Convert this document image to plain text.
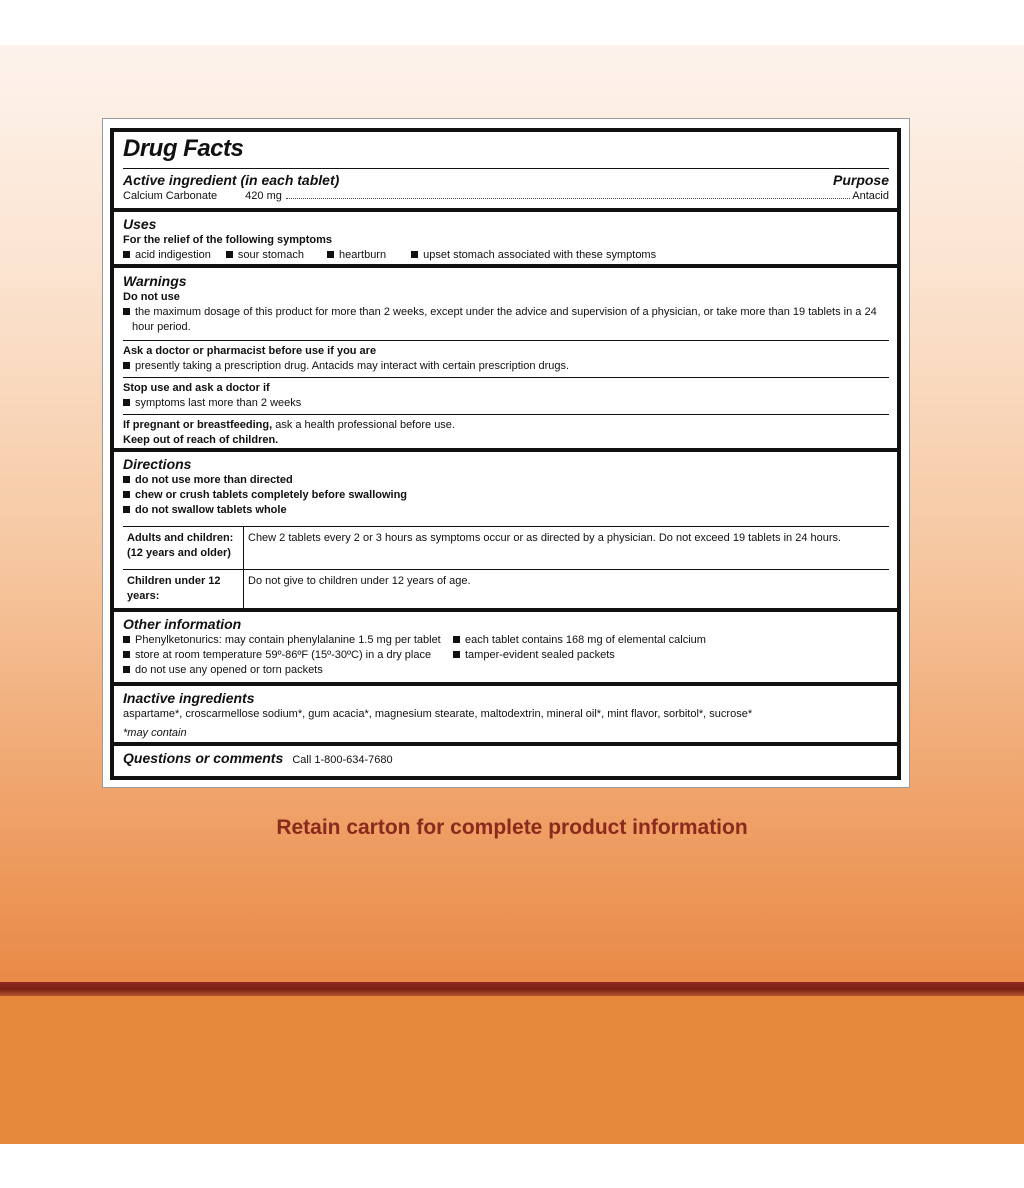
Drug Facts
Active ingredient (in each tablet)	Purpose
Calcium Carbonate	420 mg	Antacid
Uses
For the relief of the following symptoms
acid indigestion sour stomach	heartburn	upset stomach associated with these symptoms
Warnings
Do not use
the maximum dosage of this product for more than 2 weeks, except under the advice and supervision of a physician, or take more than 19 tablets in a 24 hour period.
Ask a doctor or pharmacist before use if you are
presently taking a prescription drug. Antacids may interact with certain prescription drugs.
Stop use and ask a doctor if
symptoms last more than 2 weeks
If pregnant or breastfeeding, ask a health professional before use.
Keep out of reach of children.
Directions
do not use more than directed
chew or crush tablets completely before swallowing
do not swallow tablets whole
Adults and children: (12 years and older)	Chew 2 tablets every 2 or 3 hours as symptoms occur or as directed by a physician. Do not exceed 19 tablets in 24 hours.
Children under 12 years:	Do not give to children under 12 years of age.
Other information
Phenylketonurics: may contain phenylalanine 1.5 mg per tablet
store at room temperature 59º-86ºF (15º-30ºC) in a dry place
do not use any opened or torn packets
each tablet contains 168 mg of elemental calcium
tamper-evident sealed packets
Inactive ingredients
aspartame*, croscarmellose sodium*, gum acacia*, magnesium stearate, maltodextrin, mineral oil*, mint flavor, sorbitol*, sucrose*
*may contain
Questions or comments Call 1-800-634-7680
Retain carton for complete product information
